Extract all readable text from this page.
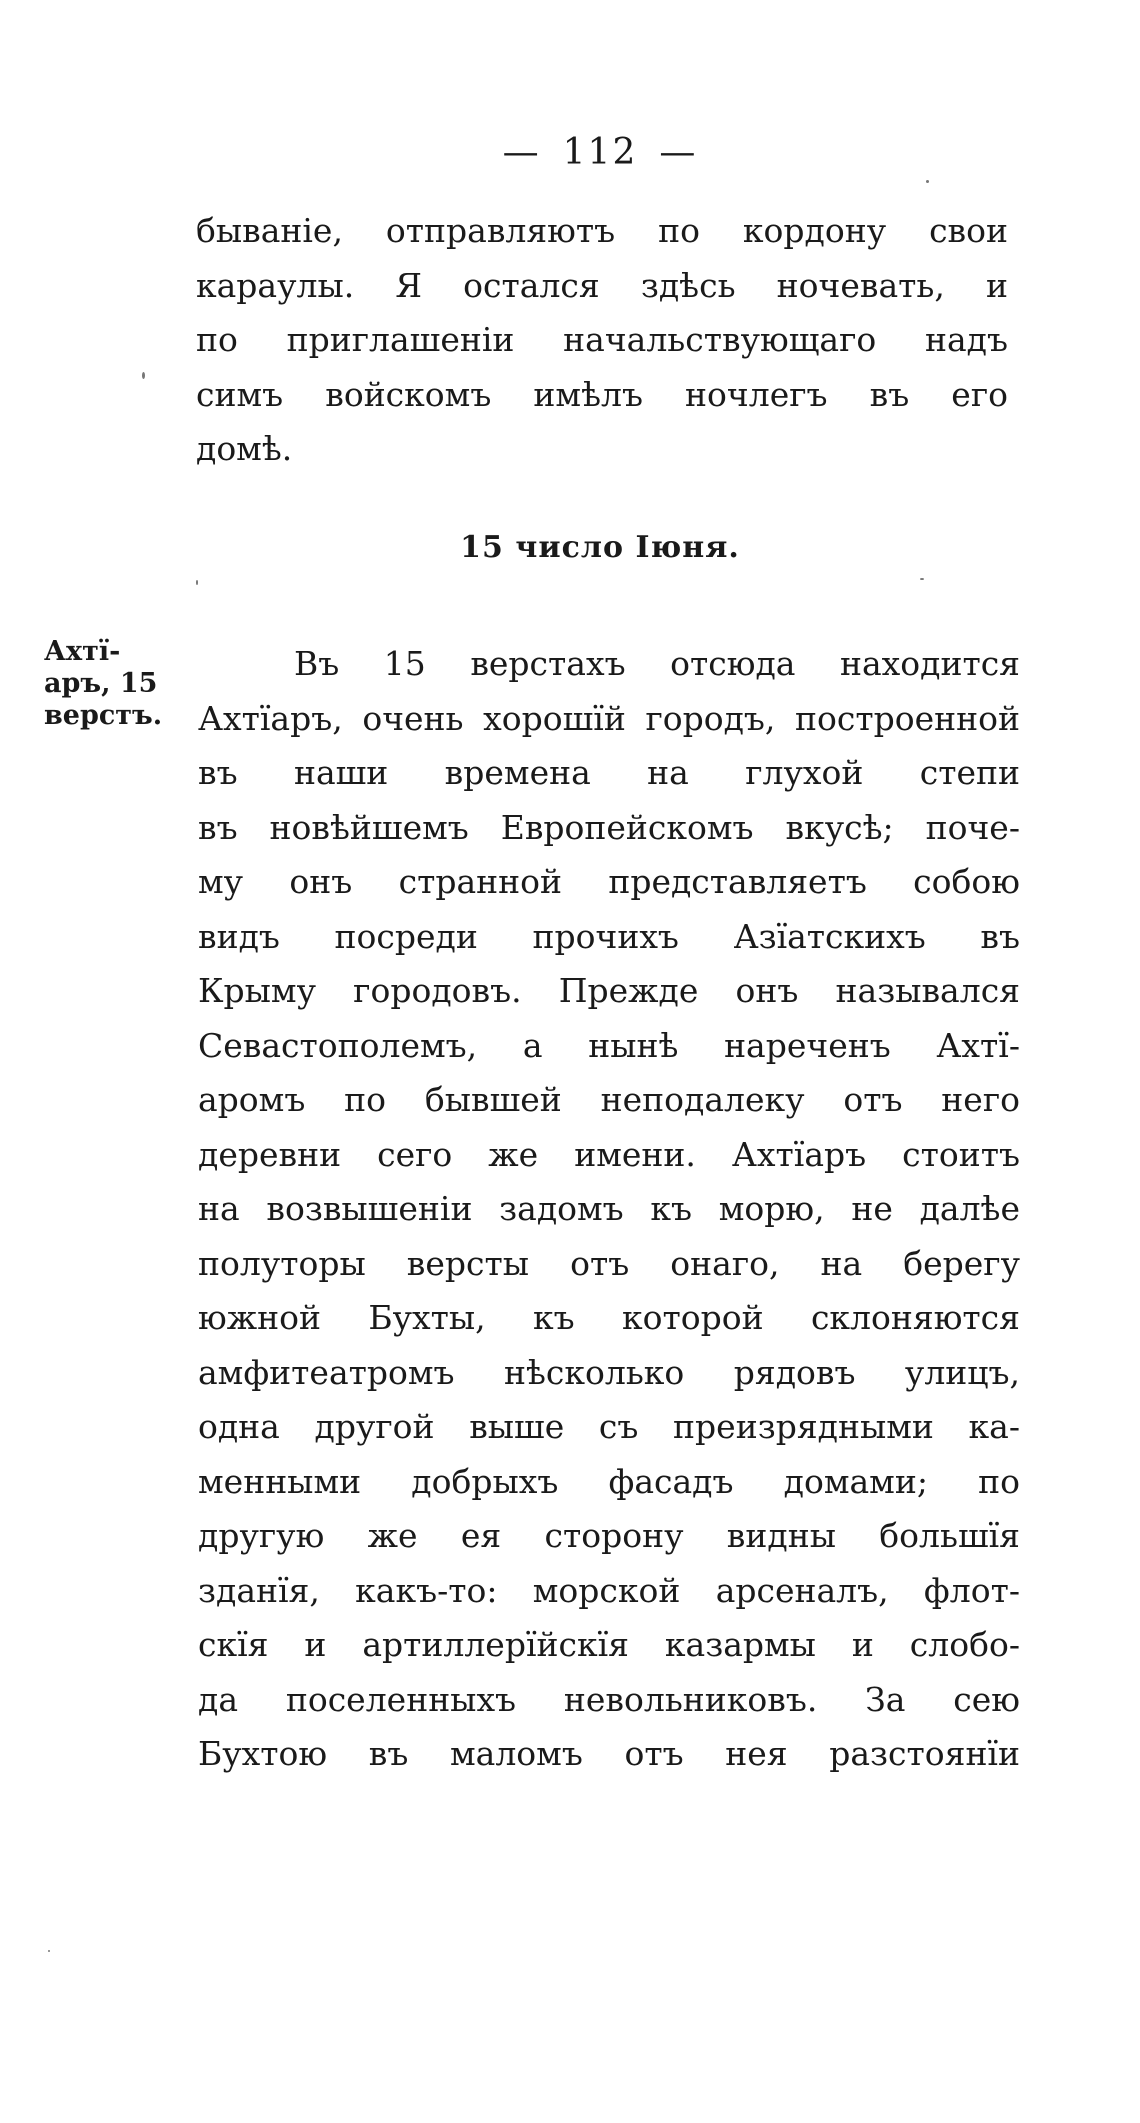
— 112 —
бываніе, отправляютъ по кордону свои
караулы. Я остался здѣсь ночевать, и
по приглашеніи начальствующаго надъ
симъ войскомъ имѣлъ ночлегъ въ его
домѣ.
15 число Іюня.
Ахтї-
аръ, 15
верстъ.
Въ 15 верстахъ отсюда находится
Ахтїаръ, очень хорошїй городъ, построенной
въ наши времена на глухой степи
въ новѣйшемъ Европейскомъ вкусѣ; поче-
му онъ странной представляетъ собою
видъ посреди прочихъ Азїатскихъ въ
Крыму городовъ. Прежде онъ назывался
Севастополемъ, а нынѣ нареченъ Ахтї-
аромъ по бывшей неподалеку отъ него
деревни сего же имени. Ахтїаръ стоитъ
на возвышеніи задомъ къ морю, не далѣе
полуторы версты отъ онаго, на берегу
южной Бухты, къ которой склоняются
амфитеатромъ нѣсколько рядовъ улицъ,
одна другой выше съ преизрядными ка-
менными добрыхъ фасадъ домами; по
другую же ея сторону видны большїя
зданїя, какъ-то: морской арсеналъ, флот-
скїя и артиллерїйскїя казармы и слобо-
да поселенныхъ невольниковъ. За сею
Бухтою въ маломъ отъ нея разстоянїи
